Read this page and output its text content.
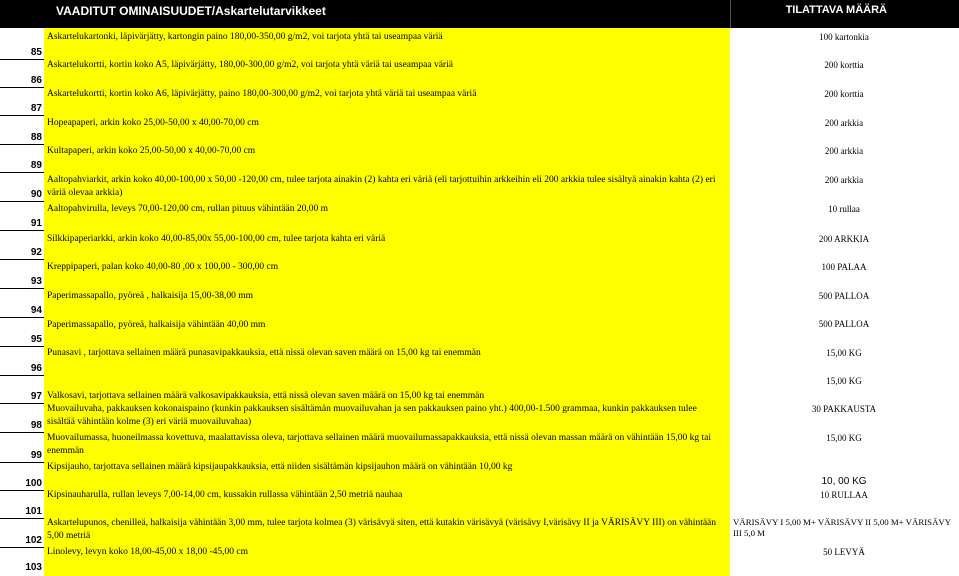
VAADITUT OMINAISUUDET/Askartelutarvikkeet	TILATTAVA MÄÄRÄ
85
86
87
88
89
90
91
92
93
94
95
96
97
98
99
100
101
102
103
Askartelukartonki, läpivärjätty, kartongin paino 180,00-350,00 g/m2, voi tarjota yhtä tai useampaa väriä
Askartelukortti, kortin koko A5, läpivärjätty, 180,00-300,00 g/m2, voi tarjota yhtä väriä tai useampaa väriä
Askartelukortti, kortin koko A6, läpivärjätty, paino 180,00-300,00 g/m2, voi tarjota yhtä väriä tai useampaa väriä
Hopeapaperi, arkin koko 25,00-50,00 x 40,00-70,00 cm
Kultapaperi, arkin koko 25,00-50,00 x 40,00-70,00 cm
Aaltopahviarkit, arkin koko 40,00-100,00 x 50,00 -120,00 cm, tulee tarjota ainakin (2) kahta eri väriä (eli tarjottuihin arkkeihin eli 200 arkkia tulee sisältyä ainakin kahta (2) eri väriä olevaa arkkia)
Aaltopahvirulla, leveys 70,00-120,00 cm, rullan pituus vähintään 20,00 m
Silkkipaperiarkki, arkin koko 40,00-85,00x 55,00-100,00 cm, tulee tarjota kahta eri väriä
Kreppipaperi, palan koko 40,00-80 ,00 x 100,00 - 300,00 cm
Paperimassapallo, pyöreä , halkaisija 15,00-38,00 mm
Paperimassapallo, pyöreä, halkaisija vähintään 40,00 mm
Punasavi , tarjottava sellainen määrä punasavipakkauksia, että nissä olevan saven määrä on 15,00 kg tai enemmän
Valkosavi, tarjottava sellainen määrä valkosavipakkauksia, että nissä olevan saven määrä on 15,00 kg tai enemmän
Muovailuvaha, pakkauksen kokonaispaino (kunkin pakkauksen sisältämän muovailuvahan ja sen pakkauksen paino yht.) 400,00-1.500 grammaa, kunkin pakkauksen tulee sisältää vähintään kolme (3) eri väriä muovailuvahaa)
Muovailumassa, huoneilmassa kovettuva, maalattavissa oleva, tarjottava sellainen määrä muovailumassapakkauksia, että nissä olevan massan määrä on vähintään 15,00 kg tai enemmän
Kipsijauho, tarjottava sellainen määrä kipsijaupakkauksia, että niiden sisältämän kipsijauhon määrä on vähintään 10,00 kg
Kipsinauharulla, rullan leveys 7,00-14,00 cm, kussakin rullassa vähintään 2,50 metriä nauhaa
Askartelupunos, chenilleä, halkaisija vähintään 3,00 mm, tulee tarjota kolmea (3) värisävyä siten, että kutakin värisävyä (värisävy I,värisävy II ja VÄRISÄVY III) on vähintään 5,00 metriä
Linolevy, levyn koko 18,00-45,00 x 18,00 -45,00 cm
100 kartonkia
200 korttia
200 korttia
200 arkkia
200 arkkia
200 arkkia
10 rullaa
200 ARKKIA
100 PALAA
500 PALLOA
500 PALLOA
15,00 KG
15,00 KG
30 PAKKAUSTA
15,00 KG
10, 00 KG
10 RULLAA
VÄRISÄVY I 5,00 M+ VÄRISÄVY II 5,00 M+ VÄRISÄVY III 5,0 M
50 LEVYÄ
